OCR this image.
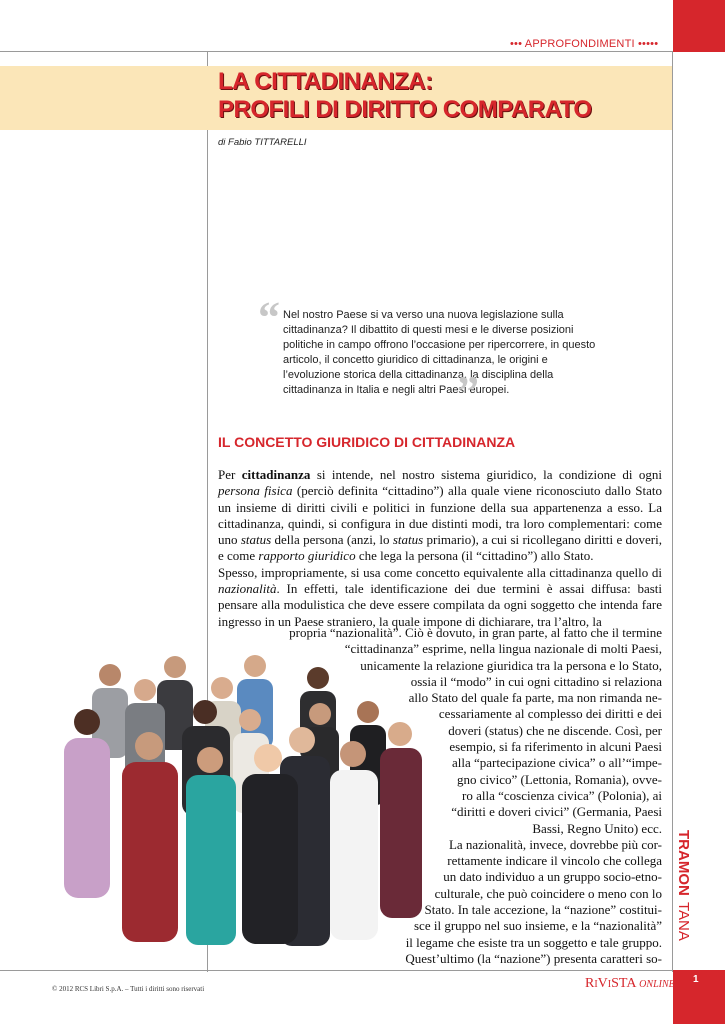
••• APPROFONDIMENTI •••••
LA CITTADINANZA:
PROFILI DI DIRITTO COMPARATO
di Fabio TITTARELLI
“ Nel nostro Paese si va verso una nuova legislazione sulla cittadinanza? Il dibattito di questi mesi e le diverse posizioni politiche in campo offrono l’occasione per ripercorrere, in questo articolo, il concetto giuridico di cittadinanza, le origini e l’evoluzione storica della cittadinanza, la disciplina della cittadinanza in Italia e negli altri Paesi europei.
”
IL CONCETTO GIURIDICO DI CITTADINANZA

Per cittadinanza si intende, nel nostro sistema giuridico, la condizione di ogni persona fisica (perciò definita “cittadino”) alla quale viene riconosciuto dallo Stato un insieme di diritti civili e politici in funzione della sua appartenenza a esso. La cittadinanza, quindi, si configura in due distinti modi, tra loro complementari: come uno status della persona (anzi, lo status primario), a cui si ricollegano diritti e doveri, e come rapporto giuridico che lega la persona (il “cittadino”) allo Stato.

Spesso, impropriamente, si usa come concetto equivalente alla cittadinanza quello di nazionalità. In effetti, tale identificazione dei due termini è assai diffusa: basti pensare alla modulistica che deve essere compilata da ogni soggetto che intenda fare ingresso in un Paese straniero, la quale impone di dichiarare, tra l’altro, la

propria “nazionalità”. Ciò è dovuto, in gran parte, al fatto che il termine
“cittadinanza” esprime, nella lingua nazionale di molti Paesi,
unicamente la relazione giuridica tra la persona e lo Stato,
ossia il “modo” in cui ogni cittadino si relaziona
allo Stato del quale fa parte, ma non rimanda ne-
cessariamente al complesso dei diritti e dei
doveri (status) che ne discende. Così, per
esempio, si fa riferimento in alcuni Paesi
alla “partecipazione civica” o all’“impe-
gno civico” (Lettonia, Romania), ovve-
ro alla “coscienza civica” (Polonia), ai
“diritti e doveri civici” (Germania, Paesi
Bassi, Regno Unito) ecc.
La nazionalità, invece, dovrebbe più cor-
rettamente indicare il vincolo che collega
un dato individuo a un gruppo socio-etno-
culturale, che può coincidere o meno con lo
Stato. In tale accezione, la “nazione” costitui-
sce il gruppo nel suo insieme, e la “nazionalità”
il legame che esiste tra un soggetto e tale gruppo.
Quest’ultimo (la “nazione”) presenta caratteri so-
TRAMON
TANA
© 2012 RCS Libri S.p.A. – Tutti i diritti sono riservati	RiViSTA online 1
